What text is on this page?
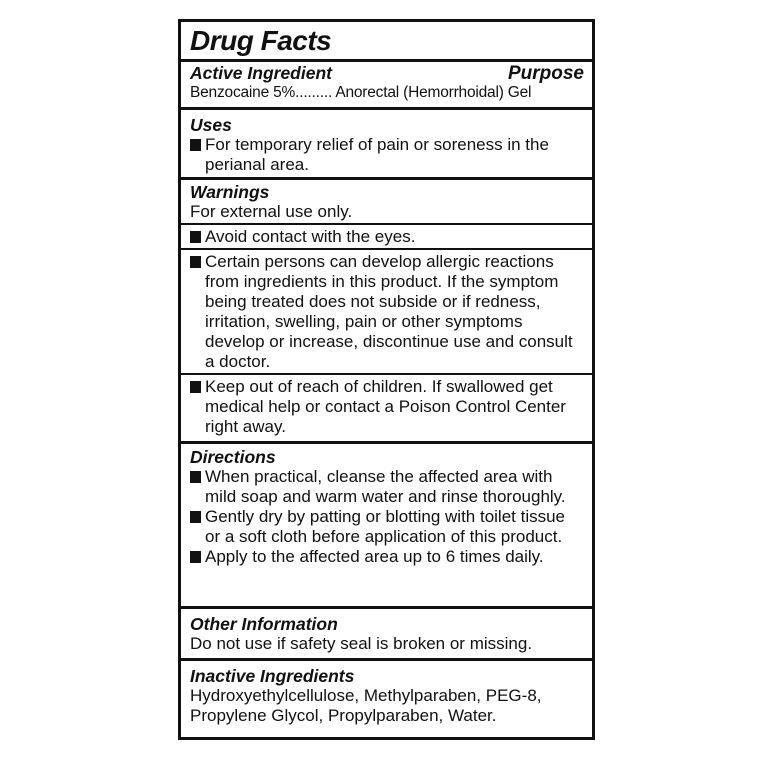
Drug Facts
Active Ingredient	Purpose
Benzocaine 5%......... Anorectal (Hemorrhoidal) Gel
Uses
For temporary relief of pain or soreness in the perianal area.
Warnings
For external use only.
Avoid contact with the eyes.
Certain persons can develop allergic reactions from ingredients in this product. If the symptom being treated does not subside or if redness, irritation, swelling, pain or other symptoms develop or increase, discontinue use and consult a doctor.
Keep out of reach of children. If swallowed get medical help or contact a Poison Control Center right away.
Directions
When practical, cleanse the affected area with mild soap and warm water and rinse thoroughly.
Gently dry by patting or blotting with toilet tissue or a soft cloth before application of this product.
Apply to the affected area up to 6 times daily.
Other Information
Do not use if safety seal is broken or missing.
Inactive Ingredients
Hydroxyethylcellulose, Methylparaben, PEG-8, Propylene Glycol, Propylparaben, Water.
